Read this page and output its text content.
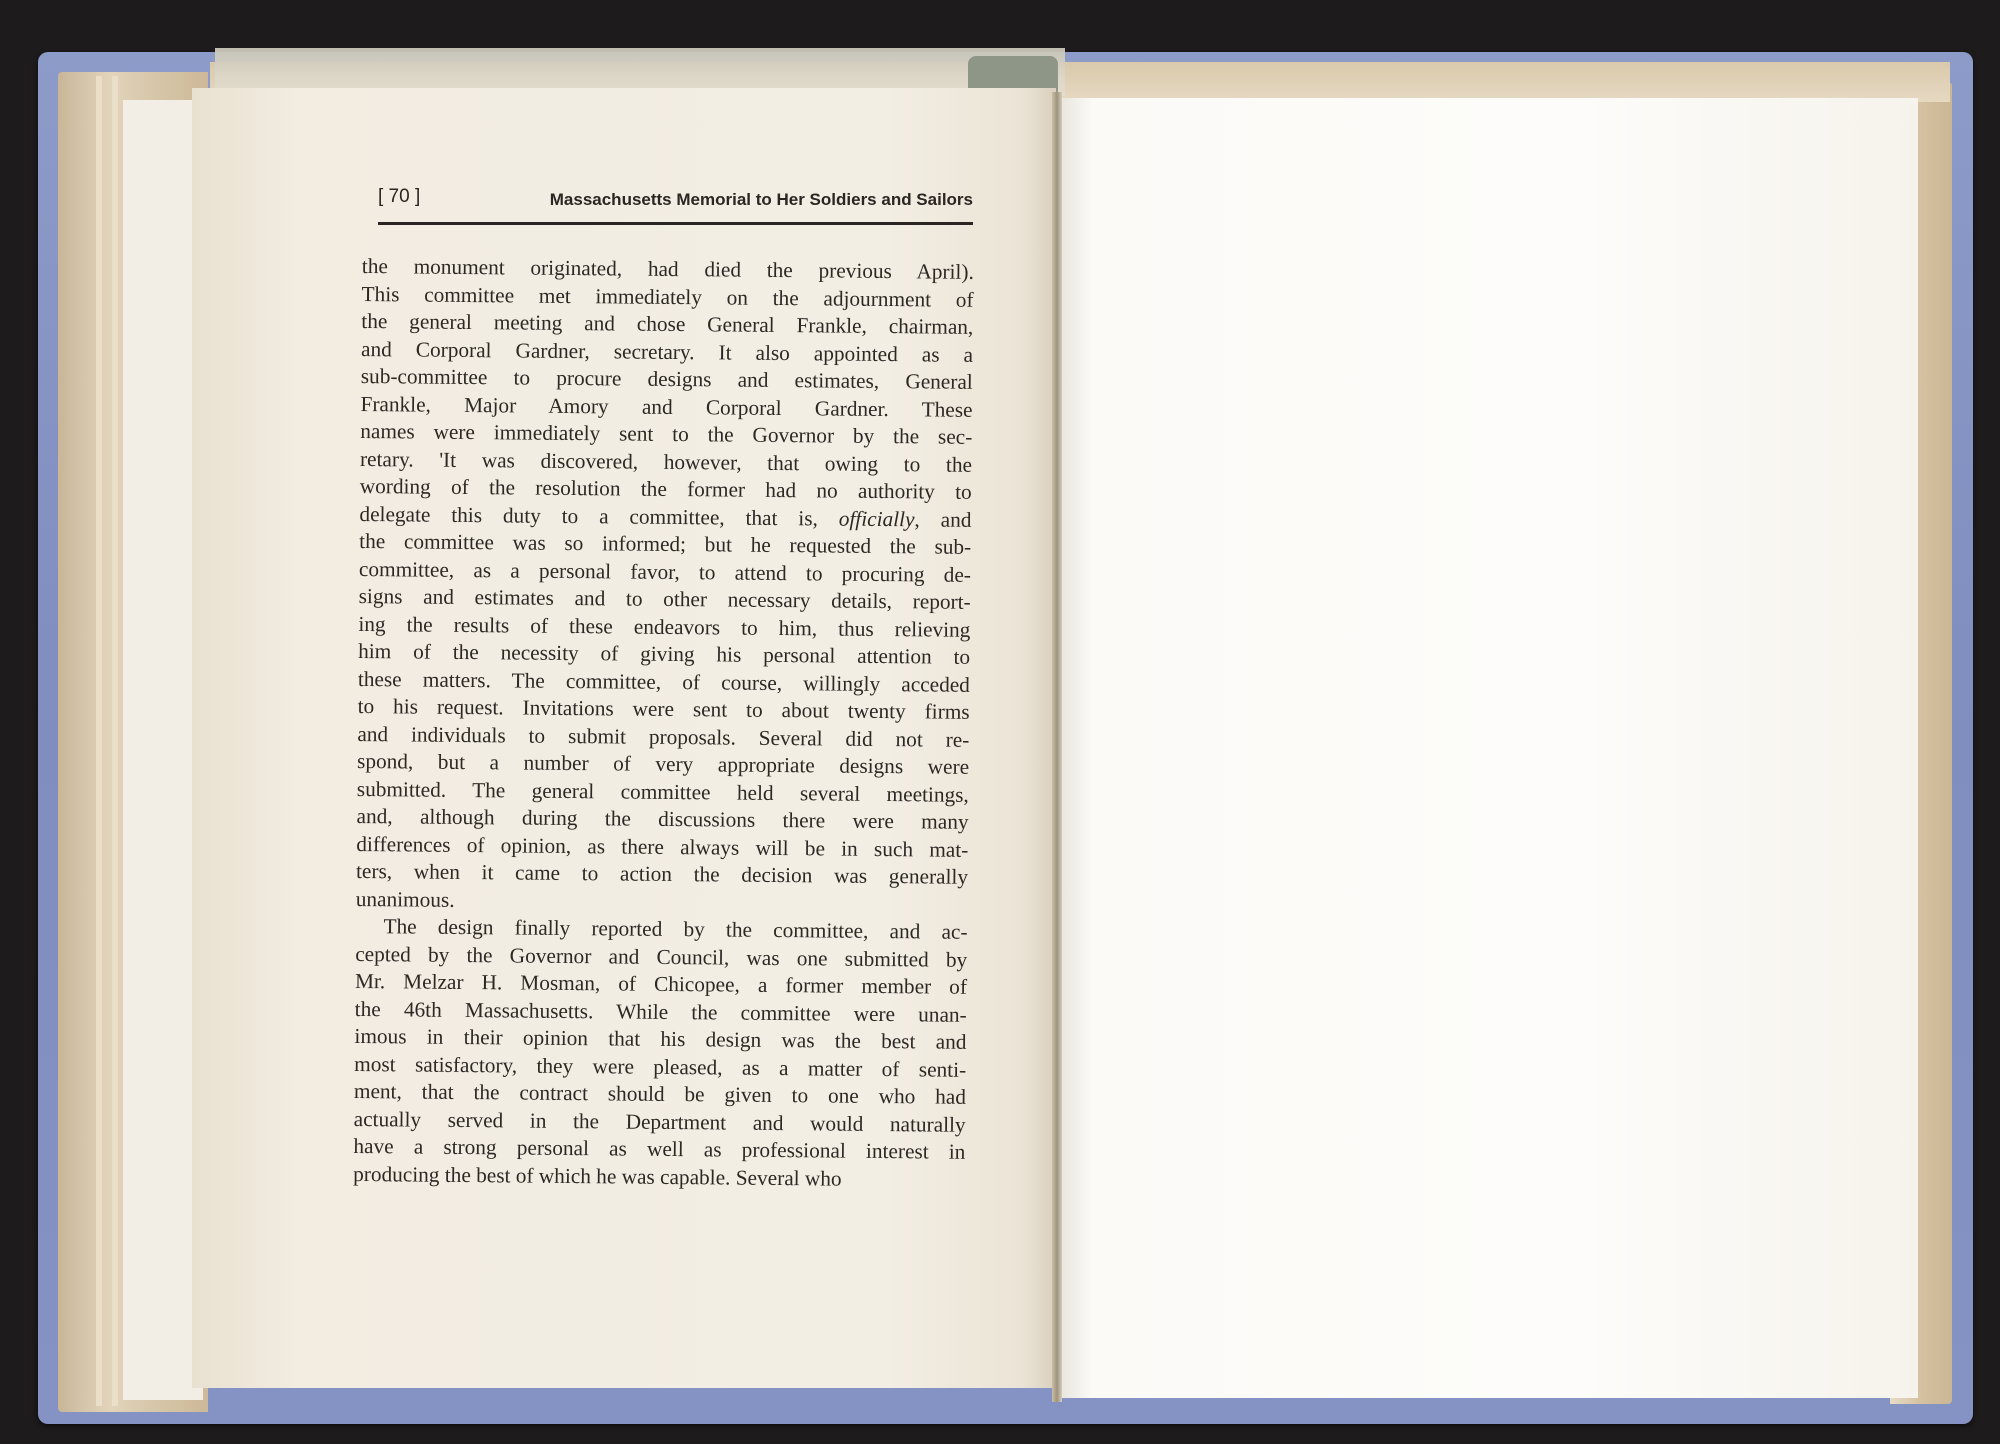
[ 70 ]	Massachusetts Memorial to Her Soldiers and Sailors
the monument originated, had died the previous April).
This committee met immediately on the adjournment of
the general meeting and chose General Frankle, chairman,
and Corporal Gardner, secretary. It also appointed as a
sub-committee to procure designs and estimates, General
Frankle, Major Amory and Corporal Gardner. These
names were immediately sent to the Governor by the sec-
retary. 'It was discovered, however, that owing to the
wording of the resolution the former had no authority to
delegate this duty to a committee, that is, officially, and
the committee was so informed; but he requested the sub-
committee, as a personal favor, to attend to procuring de-
signs and estimates and to other necessary details, report-
ing the results of these endeavors to him, thus relieving
him of the necessity of giving his personal attention to
these matters. The committee, of course, willingly acceded
to his request. Invitations were sent to about twenty firms
and individuals to submit proposals. Several did not re-
spond, but a number of very appropriate designs were
submitted. The general committee held several meetings,
and, although during the discussions there were many
differences of opinion, as there always will be in such mat-
ters, when it came to action the decision was generally
unanimous.
The design finally reported by the committee, and ac-
cepted by the Governor and Council, was one submitted by
Mr. Melzar H. Mosman, of Chicopee, a former member of
the 46th Massachusetts. While the committee were unan-
imous in their opinion that his design was the best and
most satisfactory, they were pleased, as a matter of senti-
ment, that the contract should be given to one who had
actually served in the Department and would naturally
have a strong personal as well as professional interest in
producing the best of which he was capable. Several who
